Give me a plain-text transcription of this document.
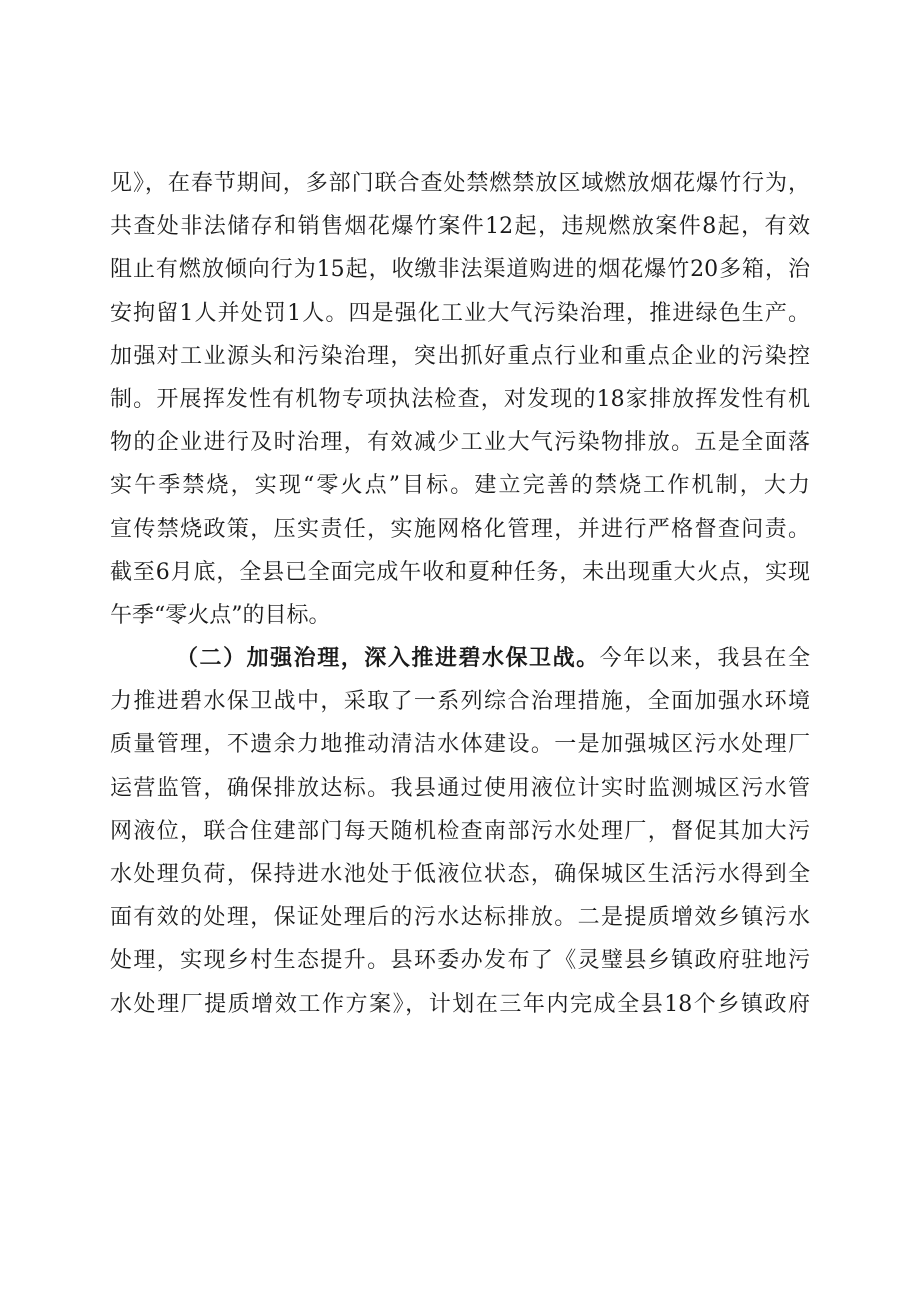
见》，在春节期间，多部门联合查处禁燃禁放区域燃放烟花爆竹行为，
共查处非法储存和销售烟花爆竹案件12起，违规燃放案件8起，有效
阻止有燃放倾向行为15起，收缴非法渠道购进的烟花爆竹20多箱，治
安拘留1人并处罚1人。四是强化工业大气污染治理，推进绿色生产。
加强对工业源头和污染治理，突出抓好重点行业和重点企业的污染控
制。开展挥发性有机物专项执法检查，对发现的18家排放挥发性有机
物的企业进行及时治理，有效减少工业大气污染物排放。五是全面落
实午季禁烧，实现“零火点”目标。建立完善的禁烧工作机制，大力
宣传禁烧政策，压实责任，实施网格化管理，并进行严格督查问责。
截至6月底，全县已全面完成午收和夏种任务，未出现重大火点，实现
午季“零火点”的目标。
（二）加强治理，深入推进碧水保卫战。今年以来，我县在全
力推进碧水保卫战中，采取了一系列综合治理措施，全面加强水环境
质量管理，不遗余力地推动清洁水体建设。一是加强城区污水处理厂
运营监管，确保排放达标。我县通过使用液位计实时监测城区污水管
网液位，联合住建部门每天随机检查南部污水处理厂，督促其加大污
水处理负荷，保持进水池处于低液位状态，确保城区生活污水得到全
面有效的处理，保证处理后的污水达标排放。二是提质增效乡镇污水
处理，实现乡村生态提升。县环委办发布了《灵璧县乡镇政府驻地污
水处理厂提质增效工作方案》，计划在三年内完成全县18个乡镇政府
